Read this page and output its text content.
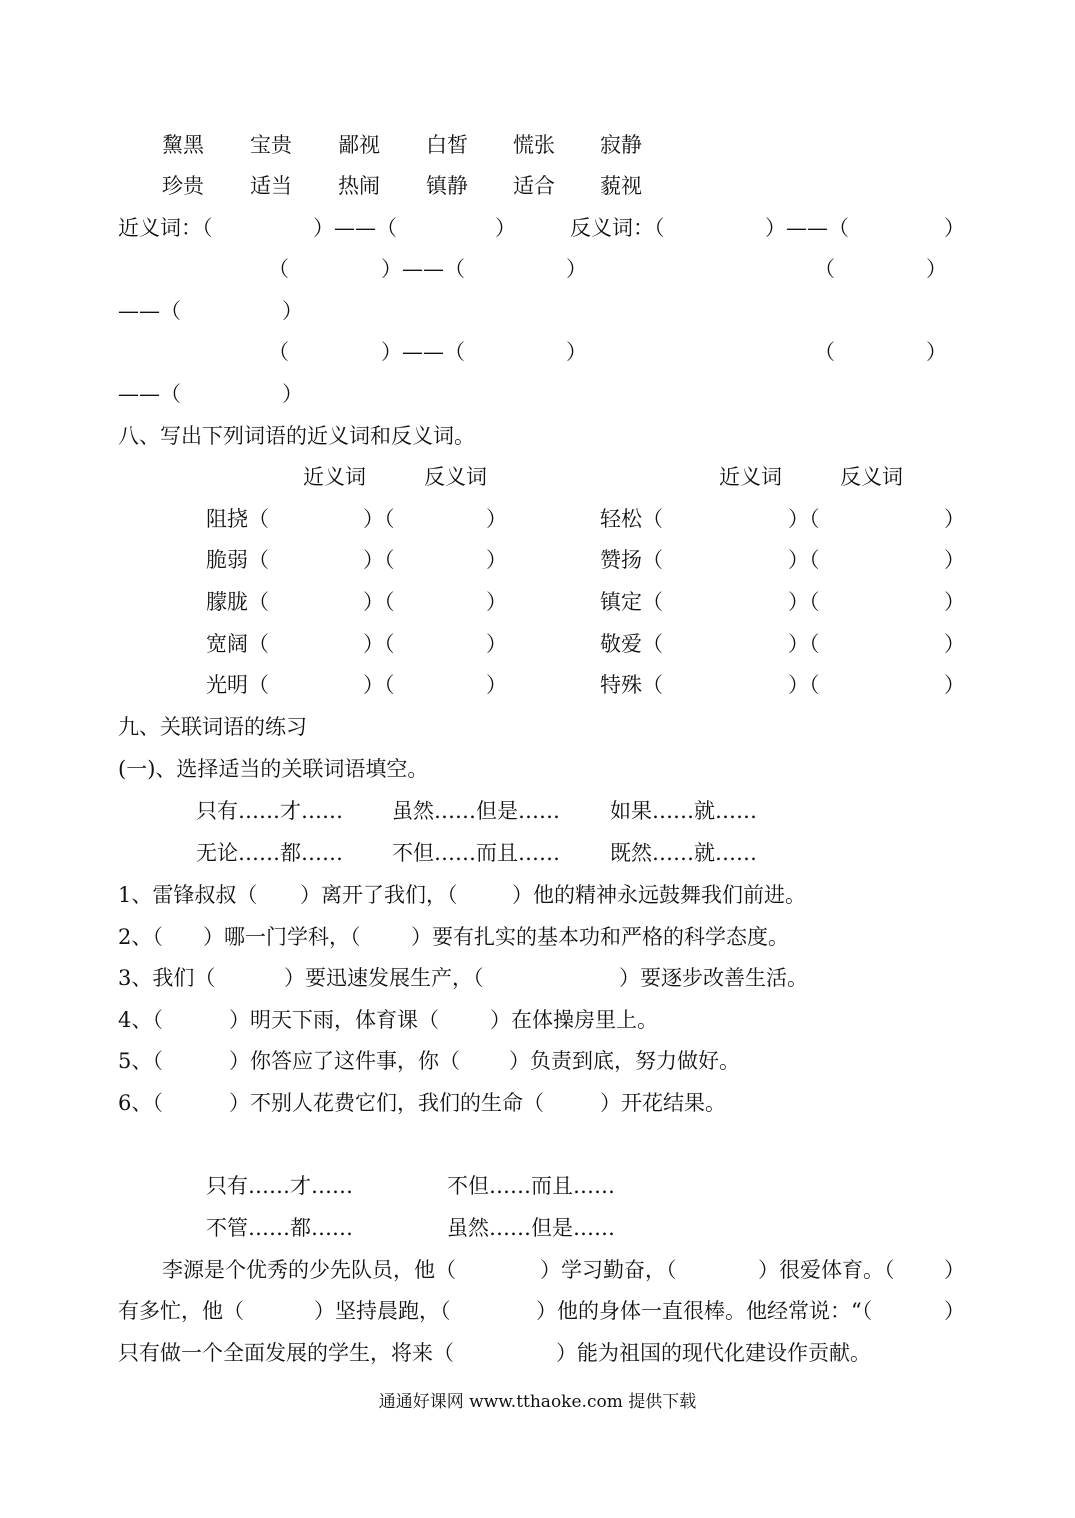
黧黑 宝贵 鄙视 白皙 慌张 寂静
珍贵 适当 热闹 镇静 适合 藐视
近义词：（	） ——（	）	反义词：（	） ——（	）
（	） ——（	）	（	）
——（	）
（	） ——（	）	（	）
——（	）
八、写出下列词语的近义词和反义词。
近义词	反义词	近义词	反义词
阻挠（	）（	）	轻松（	）（	）
脆弱（	）（	）	赞扬（	）（	）
朦胧（	）（	）	镇定（	）（	）
宽阔（	）（	）	敬爱（	）（	）
光明（	）（	）	特殊（	）（	）
九、关联词语的练习
(一)、选择适当的关联词语填空。
只有……才…… 虽然……但是…… 如果……就……
无论……都…… 不但……而且…… 既然……就……
1、雷锋叔叔（ ）离开了我们，（	）他的精神永远鼓舞我们前进。
2、（ ）哪一门学科，（ ）要有扎实的基本功和严格的科学态度。
3、我们（	）要迅速发展生产，（	）要逐步改善生活。
4、（	）明天下雨，体育课（ ）在体操房里上。
5、（	）你答应了这件事，你（ ）负责到底，努力做好。
6、（	）不别人花费它们，我们的生命（	）开花结果。
只有……才……	不但……而且……
不管……都……	虽然……但是……
李源是个优秀的少先队员，他（	）学习勤奋，（	）很爱体育。（ ）
有多忙，他（	）坚持晨跑，（	）他的身体一直很棒。他经常说：“（	）
只有做一个全面发展的学生，将来（	）能为祖国的现代化建设作贡献。
通通好课网 www.tthaoke.com 提供下载
